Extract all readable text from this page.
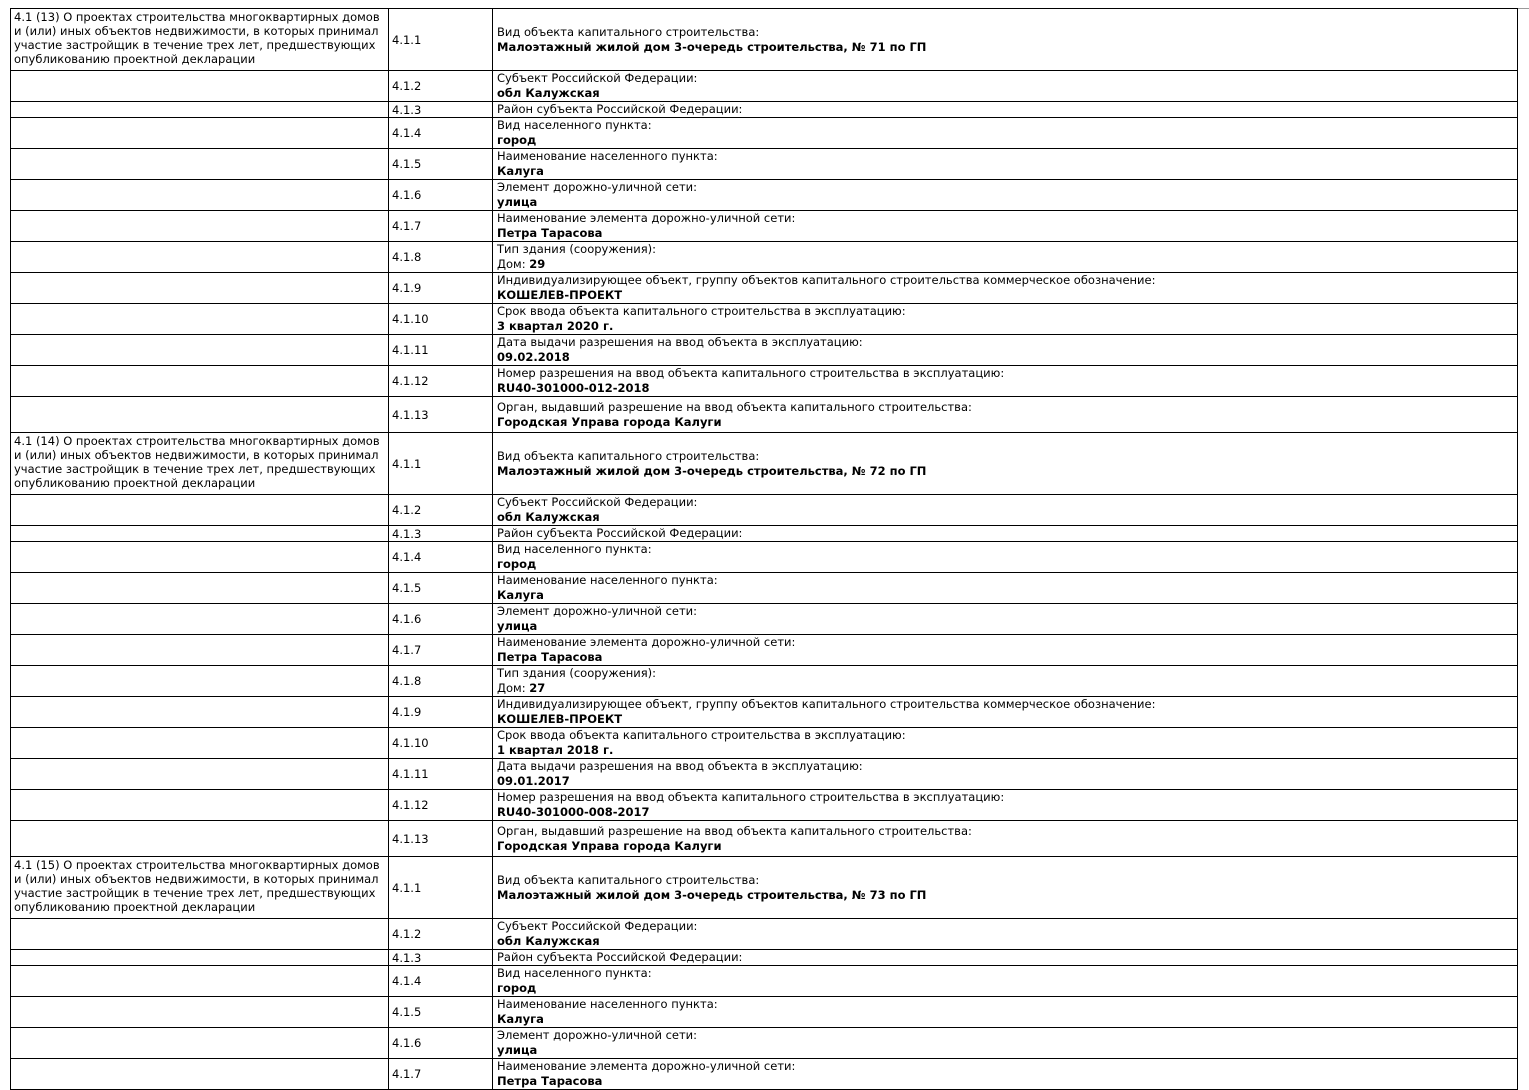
4.1 (13) О проектах строительства многоквартирных домов и (или) иных объектов недвижимости, в которых принимал участие застройщик в течение трех лет, предшествующих опубликованию проектной декларации	4.1.1	Вид объекта капитального строительства:
Малоэтажный жилой дом 3-очередь строительства, № 71 по ГП

	4.1.2	Субъект Российской Федерации:
обл Калужская

	4.1.3	Район субъекта Российской Федерации:

	4.1.4	Вид населенного пункта:
город

	4.1.5	Наименование населенного пункта:
Калуга

	4.1.6	Элемент дорожно-уличной сети:
улица

	4.1.7	Наименование элемента дорожно-уличной сети:
Петра Тарасова

	4.1.8	Тип здания (сооружения):
Дом: 29

	4.1.9	Индивидуализирующее объект, группу объектов капитального строительства коммерческое обозначение:
КОШЕЛЕВ-ПРОЕКТ

	4.1.10	Срок ввода объекта капитального строительства в эксплуатацию:
3 квартал 2020 г.

	4.1.11	Дата выдачи разрешения на ввод объекта в эксплуатацию:
09.02.2018

	4.1.12	Номер разрешения на ввод объекта капитального строительства в эксплуатацию:
RU40-301000-012-2018

	4.1.13	Орган, выдавший разрешение на ввод объекта капитального строительства:
Городская Управа города Калуги

4.1 (14) О проектах строительства многоквартирных домов и (или) иных объектов недвижимости, в которых принимал участие застройщик в течение трех лет, предшествующих опубликованию проектной декларации	4.1.1	Вид объекта капитального строительства:
Малоэтажный жилой дом 3-очередь строительства, № 72 по ГП

	4.1.2	Субъект Российской Федерации:
обл Калужская

	4.1.3	Район субъекта Российской Федерации:

	4.1.4	Вид населенного пункта:
город

	4.1.5	Наименование населенного пункта:
Калуга

	4.1.6	Элемент дорожно-уличной сети:
улица

	4.1.7	Наименование элемента дорожно-уличной сети:
Петра Тарасова

	4.1.8	Тип здания (сооружения):
Дом: 27

	4.1.9	Индивидуализирующее объект, группу объектов капитального строительства коммерческое обозначение:
КОШЕЛЕВ-ПРОЕКТ

	4.1.10	Срок ввода объекта капитального строительства в эксплуатацию:
1 квартал 2018 г.

	4.1.11	Дата выдачи разрешения на ввод объекта в эксплуатацию:
09.01.2017

	4.1.12	Номер разрешения на ввод объекта капитального строительства в эксплуатацию:
RU40-301000-008-2017

	4.1.13	Орган, выдавший разрешение на ввод объекта капитального строительства:
Городская Управа города Калуги

4.1 (15) О проектах строительства многоквартирных домов и (или) иных объектов недвижимости, в которых принимал участие застройщик в течение трех лет, предшествующих опубликованию проектной декларации	4.1.1	Вид объекта капитального строительства:
Малоэтажный жилой дом 3-очередь строительства, № 73 по ГП

	4.1.2	Субъект Российской Федерации:
обл Калужская

	4.1.3	Район субъекта Российской Федерации:

	4.1.4	Вид населенного пункта:
город

	4.1.5	Наименование населенного пункта:
Калуга

	4.1.6	Элемент дорожно-уличной сети:
улица

	4.1.7	Наименование элемента дорожно-уличной сети:
Петра Тарасова
